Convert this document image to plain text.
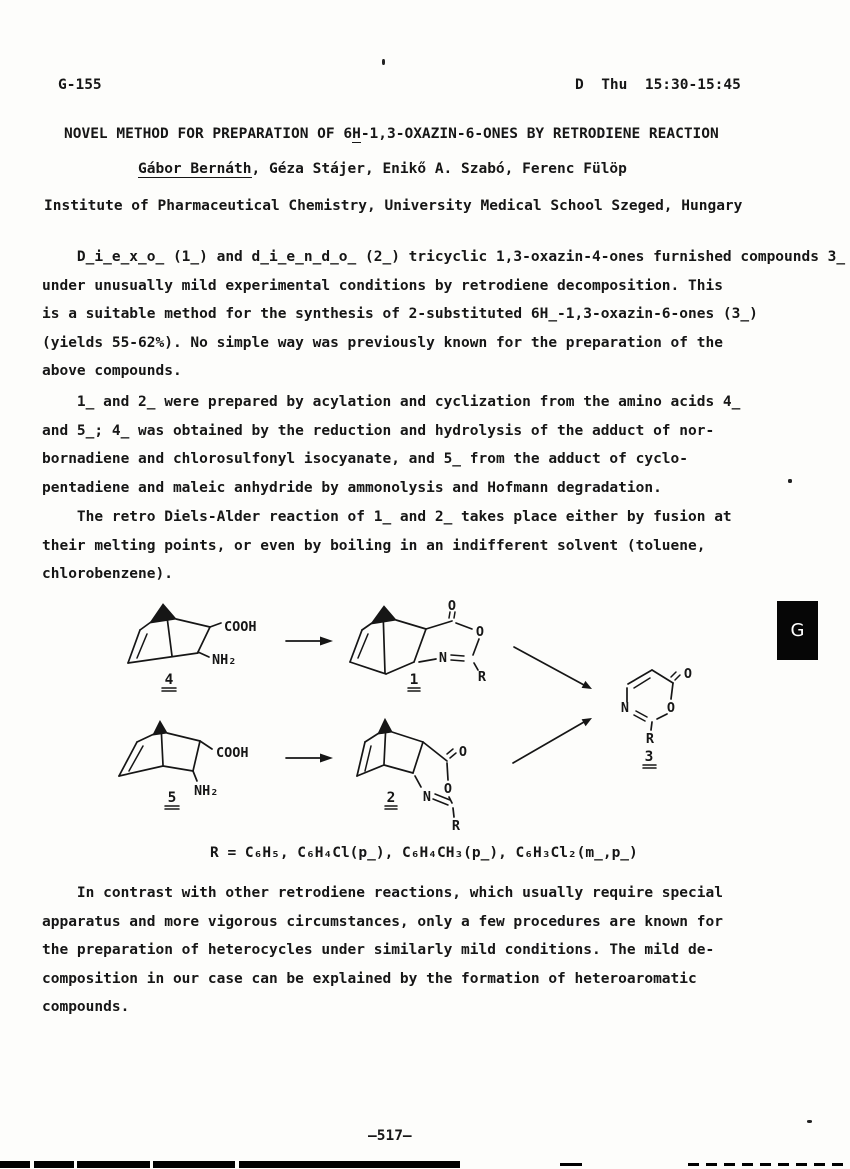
G-155	D  Thu  15:30-15:45
NOVEL METHOD FOR PREPARATION OF 6H-1,3-OXAZIN-6-ONES BY RETRODIENE REACTION
Gábor Bernáth, Géza Stájer, Enikő A. Szabó, Ferenc Fülöp
Institute of Pharmaceutical Chemistry, University Medical School Szeged, Hungary
D̲i̲e̲x̲o̲ (1̲) and d̲i̲e̲n̲d̲o̲ (2̲) tricyclic 1,3-oxazin-4-ones furnished compounds 3̲
under unusually mild experimental conditions by retrodiene decomposition. This
is a suitable method for the synthesis of 2-substituted 6H̲-1,3-oxazin-6-ones (3̲)
(yields 55-62%). No simple way was previously known for the preparation of the
above compounds.
1̲ and 2̲ were prepared by acylation and cyclization from the amino acids 4̲
and 5̲; 4̲ was obtained by the reduction and hydrolysis of the adduct of nor-
bornadiene and chlorosulfonyl isocyanate, and 5̲ from the adduct of cyclo-
pentadiene and maleic anhydride by ammonolysis and Hofmann degradation.
The retro Diels-Alder reaction of 1̲ and 2̲ takes place either by fusion at
their melting points, or even by boiling in an indifferent solvent (toluene,
chlorobenzene).
In contrast with other retrodiene reactions, which usually require special
apparatus and more vigorous circumstances, only a few procedures are known for
the preparation of heterocycles under similarly mild conditions. The mild de-
composition in our case can be explained by the formation of heteroaromatic
compounds.
COOH
NH₂
4
O
O
N
R
1
COOH
NH₂
5
O
O
N
R
2
N	O
O
R
3
R = C₆H₅, C₆H₄Cl(p̲), C₆H₄CH₃(p̲), C₆H₃Cl₂(m̲,p̲)
G
—517—
